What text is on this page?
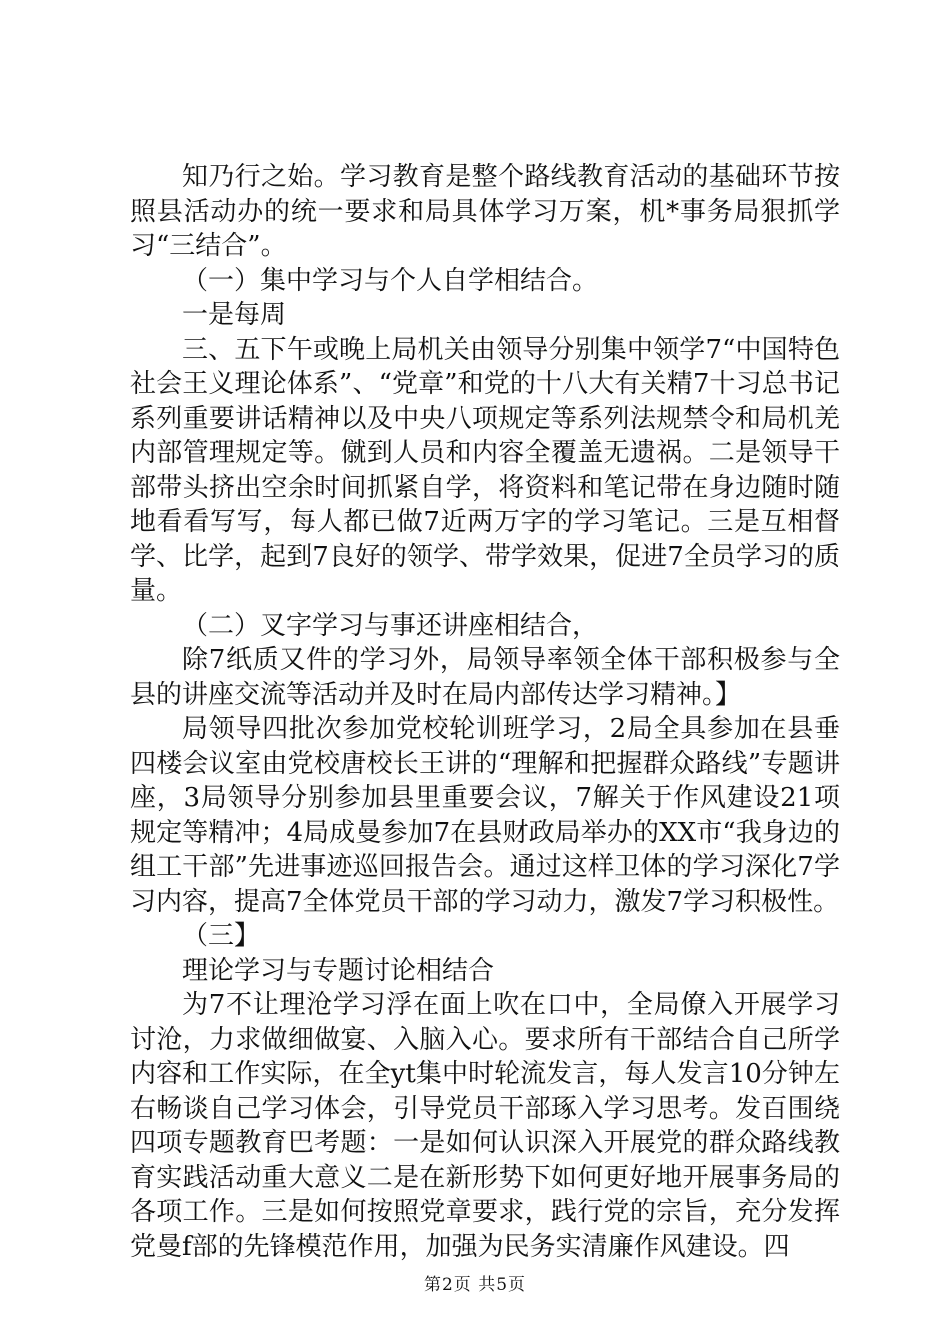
知乃行之始。学习教育是整个路线教育活动的基础环节按照县活动办的统一要求和局具体学习万案，机*事务局狠抓学习“三结合”。

（一）集中学习与个人自学相结合。

一是每周

三、五下午或晚上局机关由领导分别集中领学7“中国特色社会王义理论体系”、“党章”和党的十八大有关精7十习总书记系列重要讲话精神以及中央八项规定等系列法规禁令和局机羌内部管理规定等。僦到人员和内容全覆盖无遗祸。二是领导干部带头挤出空余时间抓紧自学，将资料和笔记带在身边随时随地看看写写，每人都已做7近两万字的学习笔记。三是互相督学、比学，起到7良好的领学、带学效果，促进7全员学习的质量。

（二）叉字学习与事还讲座相结合，

除7纸质又件的学习外，局领导率领全体干部积极参与全县的讲座交流等活动并及时在局内部传达学习精神。】

局领导四批次参加党校轮训班学习，2局全具参加在县垂四楼会议室由党校唐校长王讲的“理解和把握群众路线”专题讲座，3局领导分别参加县里重要会议，7解关于作风建设21项规定等精冲；4局成曼参加7在县财政局举办的XX市“我身边的组工干部”先进事迹巡回报告会。通过这样卫体的学习深化7学习内容，提高7全体党员干部的学习动力，激发7学习积极性。

（三】

理论学习与专题讨论相结合

为7不让理沧学习浮在面上吹在口中，全局僚入开展学习讨沧，力求做细做宴、入脑入心。要求所有干部结合自己所学内容和工作实际，在全yt集中时轮流发言，每人发言10分钟左右畅谈自己学习体会，引导党员干部琢入学习思考。发百围绕四项专题教育巴考题：一是如何认识深入开展党的群众路线教育实践活动重大意义二是在新形势下如何更好地开展事务局的各项工作。三是如何按照党章要求，践行党的宗旨，充分发挥党曼f部的先锋模范作用，加强为民务实清廉作风建设。四

第2页 共5页
